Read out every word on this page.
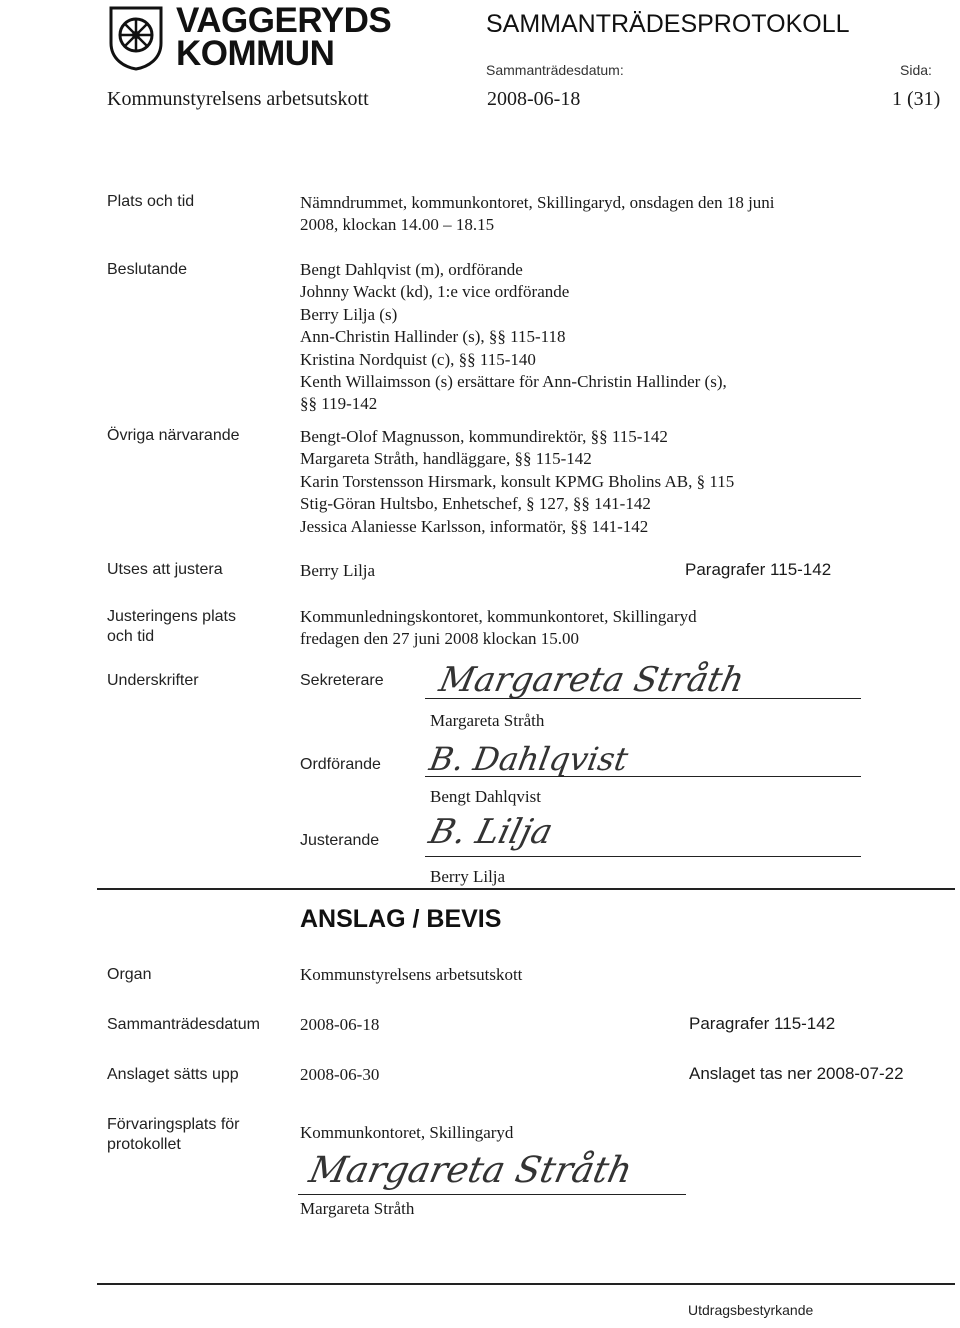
VAGGERYDS
KOMMUN
SAMMANTRÄDESPROTOKOLL
Sammanträdesdatum:	Sida:
Kommunstyrelsens arbetsutskott	2008-06-18	1 (31)
Plats och tid	Nämndrummet, kommunkontoret, Skillingaryd, onsdagen den 18 juni
2008, klockan 14.00 – 18.15
Beslutande	Bengt Dahlqvist (m), ordförande
Johnny Wackt (kd), 1:e vice ordförande
Berry Lilja (s)
Ann-Christin Hallinder (s), §§ 115-118
Kristina Nordquist (c), §§ 115-140
Kenth Willaimsson (s) ersättare för Ann-Christin Hallinder (s),
§§ 119-142
Övriga närvarande	Bengt-Olof Magnusson, kommundirektör, §§ 115-142
Margareta Stråth, handläggare, §§ 115-142
Karin Torstensson Hirsmark, konsult KPMG Bholins AB, § 115
Stig-Göran Hultsbo, Enhetschef, § 127, §§ 141-142
Jessica Alaniesse Karlsson, informatör, §§ 141-142
Utses att justera	Berry Lilja	Paragrafer 115-142
Justeringens plats
och tid
Kommunledningskontoret, kommunkontoret, Skillingaryd
fredagen den 27 juni 2008 klockan 15.00
Underskrifter	Sekreterare Margareta Stråth
Margareta Stråth
Ordförande B. Dahlqvist
Bengt Dahlqvist
Justerande B. Lilja
Berry Lilja
ANSLAG / BEVIS
Organ	Kommunstyrelsens arbetsutskott
Sammanträdesdatum 2008-06-18	Paragrafer 115-142
Anslaget sätts upp	2008-06-30	Anslaget tas ner 2008-07-22
Förvaringsplats för
protokollet
Kommunkontoret, Skillingaryd
Margareta Stråth
Margareta Stråth
Utdragsbestyrkande
